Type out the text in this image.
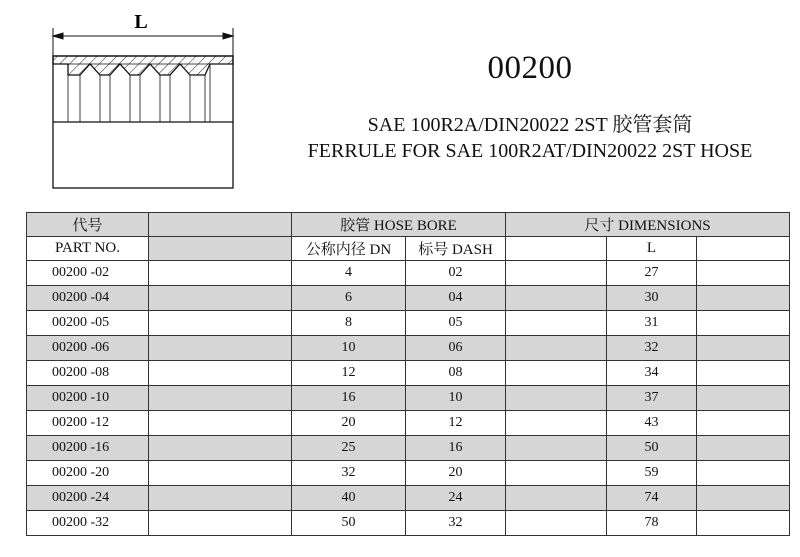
L
00200
SAE 100R2A/DIN20022 2ST 胶管套筒
FERRULE FOR SAE 100R2AT/DIN20022 2ST HOSE
代号		胶管 HOSE BORE		尺寸 DIMENSIONS		
PART NO.		公称内径 DN	标号 DASH		L	
00200 -02		4	02		27	
00200 -04		6	04		30	
00200 -05		8	05		31	
00200 -06		10	06		32	
00200 -08		12	08		34	
00200 -10		16	10		37	
00200 -12		20	12		43	
00200 -16		25	16		50	
00200 -20		32	20		59	
00200 -24		40	24		74	
00200 -32		50	32		78	
